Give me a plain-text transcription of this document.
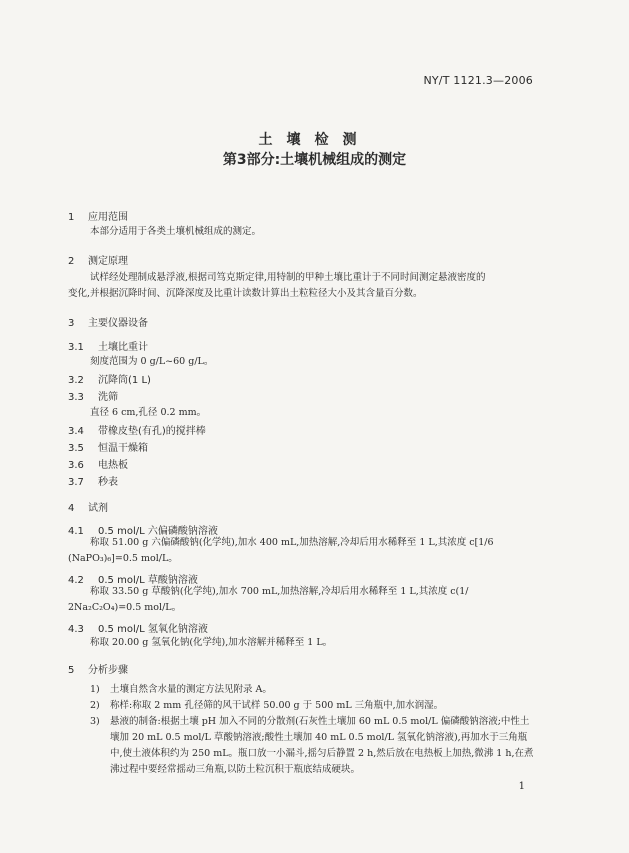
NY/T 1121.3—2006
土壤检测
第3部分:土壤机械组成的测定
1 应用范围
本部分适用于各类土壤机械组成的测定。
2 测定原理
试样经处理制成悬浮液,根据司笃克斯定律,用特制的甲种土壤比重计于不同时间测定悬液密度的
变化,并根据沉降时间、沉降深度及比重计读数计算出土粒粒径大小及其含量百分数。
3 主要仪器设备
3.1 土壤比重计
刻度范围为 0 g/L~60 g/L。
3.2 沉降筒(1 L)
3.3 洗筛
直径 6 cm,孔径 0.2 mm。
3.4 带橡皮垫(有孔)的搅拌棒
3.5 恒温干燥箱
3.6 电热板
3.7 秒表
4 试剂
4.1 0.5 mol/L 六偏磷酸钠溶液
称取 51.00 g 六偏磷酸钠(化学纯),加水 400 mL,加热溶解,冷却后用水稀释至 1 L,其浓度 c[1/6
(NaPO₃)₆]=0.5 mol/L。
4.2 0.5 mol/L 草酸钠溶液
称取 33.50 g 草酸钠(化学纯),加水 700 mL,加热溶解,冷却后用水稀释至 1 L,其浓度 c(1/
2Na₂C₂O₄)=0.5 mol/L。
4.3 0.5 mol/L 氢氧化钠溶液
称取 20.00 g 氢氧化钠(化学纯),加水溶解并稀释至 1 L。
5 分析步骤
1) 土壤自然含水量的测定方法见附录 A。
2) 称样:称取 2 mm 孔径筛的风干试样 50.00 g 于 500 mL 三角瓶中,加水润湿。
3) 悬液的制备:根据土壤 pH 加入不同的分散剂(石灰性土壤加 60 mL 0.5 mol/L 偏磷酸钠溶液;中性土壤加 20 mL 0.5 mol/L 草酸钠溶液;酸性土壤加 40 mL 0.5 mol/L 氢氧化钠溶液),再加水于三角瓶中,使土液体积约为 250 mL。瓶口放一小漏斗,摇匀后静置 2 h,然后放在电热板上加热,微沸 1 h,在煮沸过程中要经常摇动三角瓶,以防土粒沉积于瓶底结成硬块。
1
